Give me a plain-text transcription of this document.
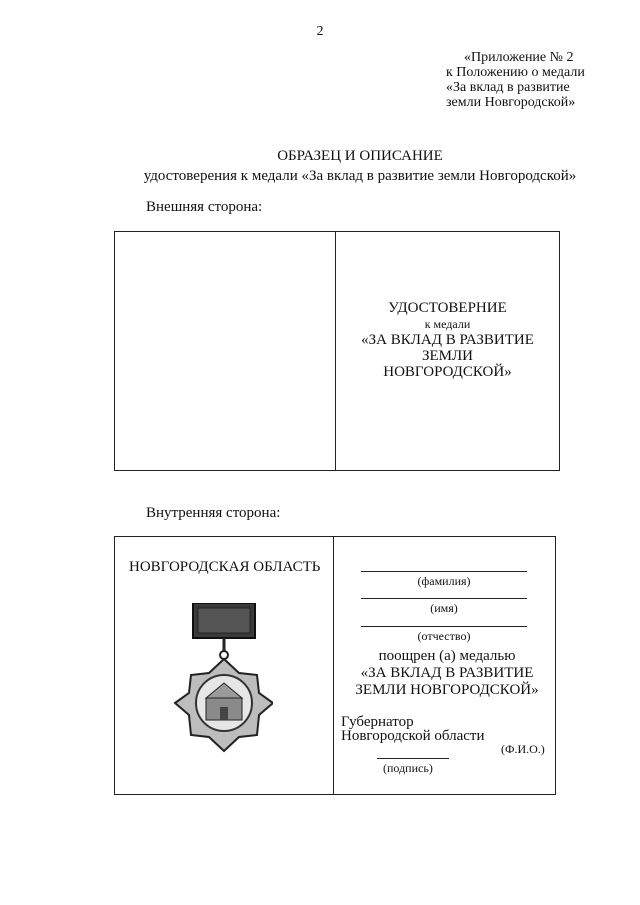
2
«Приложение № 2
к Положению о медали
«За вклад в развитие
земли Новгородской»
ОБРАЗЕЦ И ОПИСАНИЕ
удостоверения к медали «За вклад в развитие земли Новгородской»
Внешняя сторона:
УДОСТОВЕРНИЕ
к медали
«ЗА ВКЛАД В РАЗВИТИЕ ЗЕМЛИ
НОВГОРОДСКОЙ»
Внутренняя сторона:
НОВГОРОДСКАЯ ОБЛАСТЬ
(фамилия)
(имя)
(отчество)
поощрен (а) медалью
«ЗА ВКЛАД В РАЗВИТИЕ
ЗЕМЛИ НОВГОРОДСКОЙ»
Губернатор
Новгородской области
(Ф.И.О.)
(подпись)
